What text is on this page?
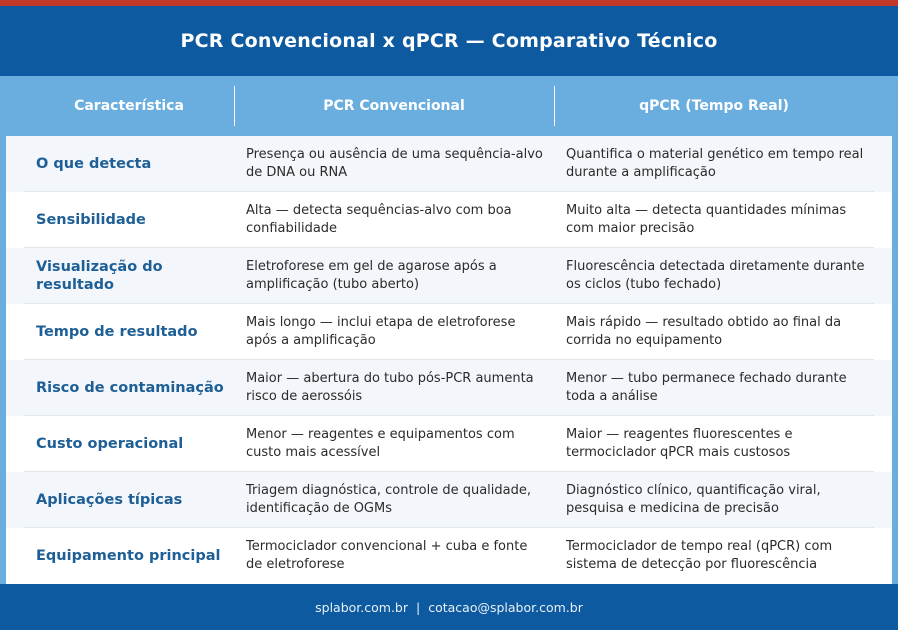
PCR Convencional x qPCR — Comparativo Técnico
Característica	PCR Convencional	qPCR (Tempo Real)
O que detecta
Presença ou ausência de uma sequência-alvo de DNA ou RNA
Quantifica o material genético em tempo real durante a amplificação
Sensibilidade
Alta — detecta sequências-alvo com boa confiabilidade
Muito alta — detecta quantidades mínimas com maior precisão
Visualização do resultado
Eletroforese em gel de agarose após a amplificação (tubo aberto)
Fluorescência detectada diretamente durante os ciclos (tubo fechado)
Tempo de resultado
Mais longo — inclui etapa de eletroforese após a amplificação
Mais rápido — resultado obtido ao final da corrida no equipamento
Risco de contaminação
Maior — abertura do tubo pós-PCR aumenta risco de aerossóis
Menor — tubo permanece fechado durante toda a análise
Custo operacional
Menor — reagentes e equipamentos com custo mais acessível
Maior — reagentes fluorescentes e termociclador qPCR mais custosos
Aplicações típicas
Triagem diagnóstica, controle de qualidade, identificação de OGMs
Diagnóstico clínico, quantificação viral, pesquisa e medicina de precisão
Equipamento principal
Termociclador convencional + cuba e fonte de eletroforese
Termociclador de tempo real (qPCR) com sistema de detecção por fluorescência
splabor.com.br | cotacao@splabor.com.br
